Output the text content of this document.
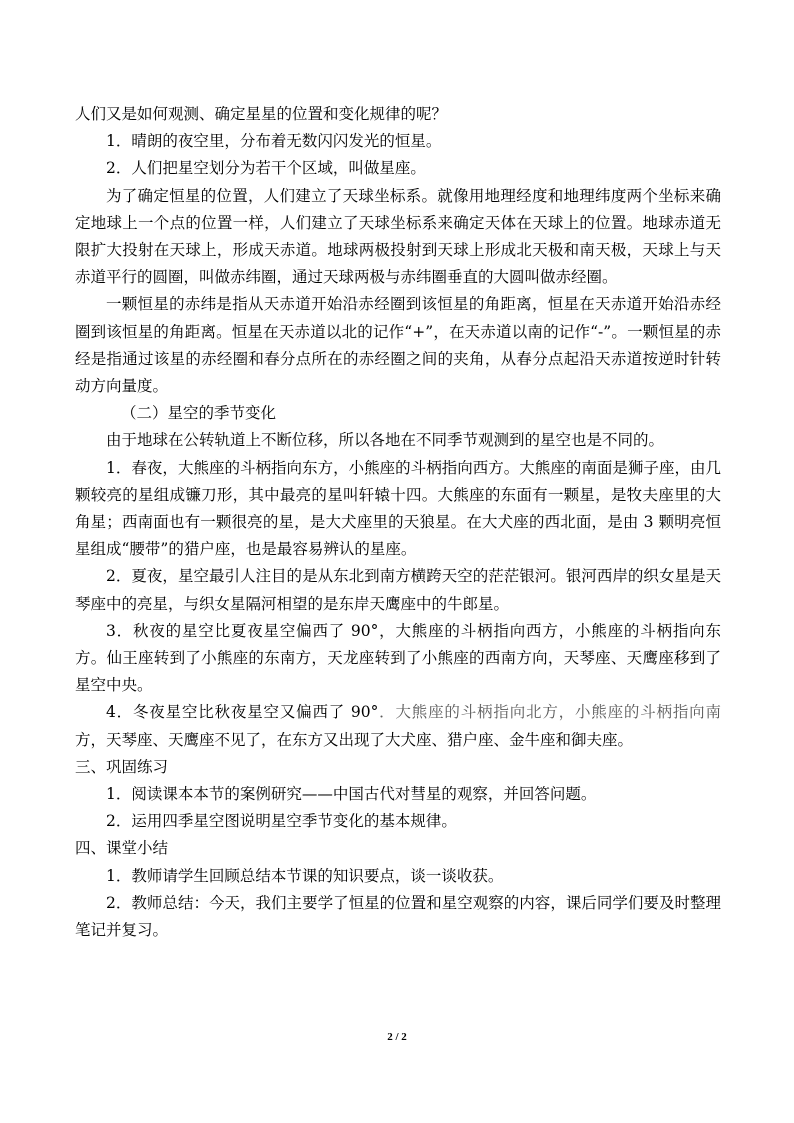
人们又是如何观测、确定星星的位置和变化规律的呢？

1．晴朗的夜空里，分布着无数闪闪发光的恒星。

2．人们把星空划分为若干个区域，叫做星座。

为了确定恒星的位置，人们建立了天球坐标系。就像用地理经度和地理纬度两个坐标来确定地球上一个点的位置一样，人们建立了天球坐标系来确定天体在天球上的位置。地球赤道无限扩大投射在天球上，形成天赤道。地球两极投射到天球上形成北天极和南天极，天球上与天赤道平行的圆圈，叫做赤纬圈，通过天球两极与赤纬圈垂直的大圆叫做赤经圈。

一颗恒星的赤纬是指从天赤道开始沿赤经圈到该恒星的角距离，恒星在天赤道开始沿赤经圈到该恒星的角距离。恒星在天赤道以北的记作“+”，在天赤道以南的记作“-”。一颗恒星的赤经是指通过该星的赤经圈和春分点所在的赤经圈之间的夹角，从春分点起沿天赤道按逆时针转动方向量度。

（二）星空的季节变化

由于地球在公转轨道上不断位移，所以各地在不同季节观测到的星空也是不同的。

1．春夜，大熊座的斗柄指向东方，小熊座的斗柄指向西方。大熊座的南面是狮子座，由几颗较亮的星组成镰刀形，其中最亮的星叫轩辕十四。大熊座的东面有一颗星，是牧夫座里的大角星；西南面也有一颗很亮的星，是大犬座里的天狼星。在大犬座的西北面，是由 3 颗明亮恒星组成“腰带”的猎户座，也是最容易辨认的星座。

2．夏夜，星空最引人注目的是从东北到南方横跨天空的茫茫银河。银河西岸的织女星是天琴座中的亮星，与织女星隔河相望的是东岸天鹰座中的牛郎星。

3．秋夜的星空比夏夜星空偏西了 90°，大熊座的斗柄指向西方，小熊座的斗柄指向东方。仙王座转到了小熊座的东南方，天龙座转到了小熊座的西南方向，天琴座、天鹰座移到了星空中央。

4．冬夜星空比秋夜星空又偏西了 90°．大熊座的斗柄指向北方，小熊座的斗柄指向南方，天琴座、天鹰座不见了，在东方又出现了大犬座、猎户座、金牛座和御夫座。

三、巩固练习

1．阅读课本本节的案例研究——中国古代对彗星的观察，并回答问题。

2．运用四季星空图说明星空季节变化的基本规律。

四、课堂小结

1．教师请学生回顾总结本节课的知识要点，谈一谈收获。

2．教师总结：今天，我们主要学了恒星的位置和星空观察的内容，课后同学们要及时整理笔记并复习。

2 / 2
